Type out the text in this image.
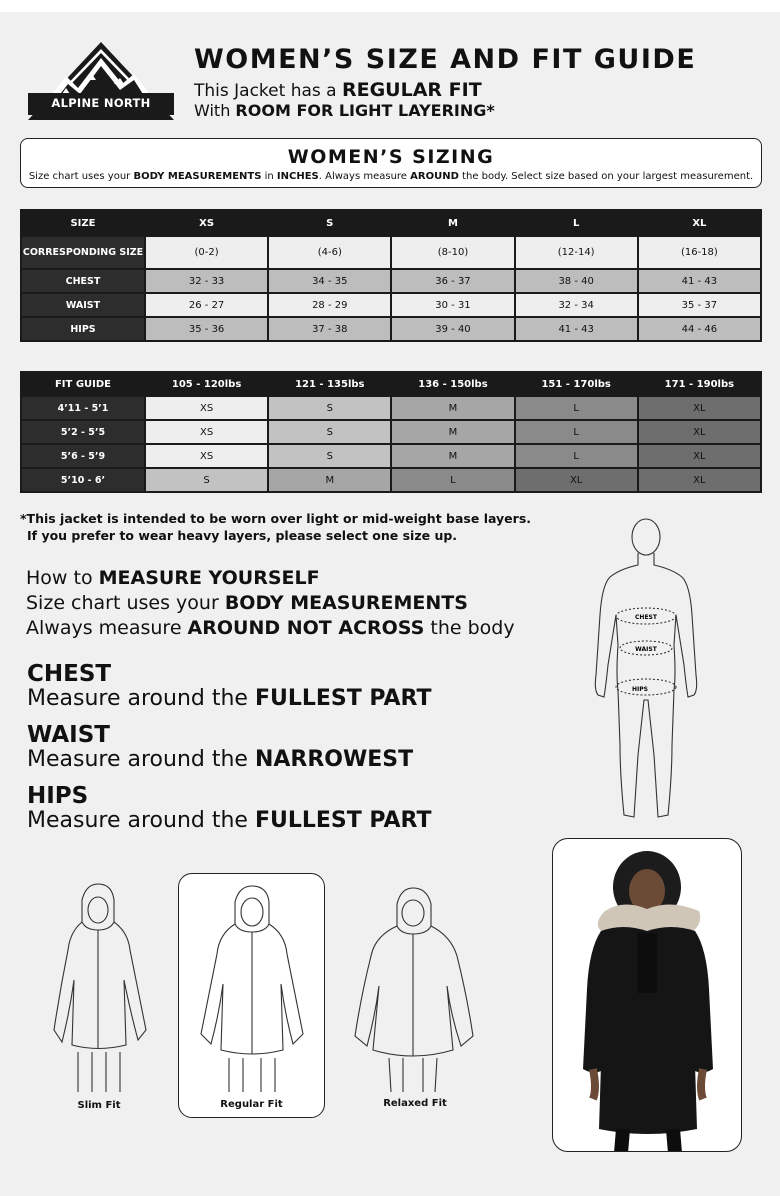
ALPINE NORTH
WOMEN’S SIZE AND FIT GUIDE
This Jacket has a REGULAR FIT
With ROOM FOR LIGHT LAYERING*
WOMEN’S SIZING
Size chart uses your BODY MEASUREMENTS in INCHES. Always measure AROUND the body. Select size based on your largest measurement.
SIZE	XS	S	M	L	XL
CORRESPONDING SIZE	(0-2)	(4-6)	(8-10)	(12-14)	(16-18)
CHEST	32 - 33	34 - 35	36 - 37	38 - 40	41 - 43
WAIST	26 - 27	28 - 29	30 - 31	32 - 34	35 - 37
HIPS	35 - 36	37 - 38	39 - 40	41 - 43	44 - 46
FIT GUIDE	105 - 120lbs	121 - 135lbs	136 - 150lbs	151 - 170lbs	171 - 190lbs
4’11 - 5’1	XS	S	M	L	XL
5’2 - 5’5	XS	S	M	L	XL
5’6 - 5’9	XS	S	M	L	XL
5’10 - 6’	S	M	L	XL	XL
*This jacket is intended to be worn over light or mid-weight base layers.
If you prefer to wear heavy layers, please select one size up.
How to MEASURE YOURSELF
Size chart uses your BODY MEASUREMENTS
Always measure AROUND NOT ACROSS the body
CHEST
Measure around the FULLEST PART
WAIST
Measure around the NARROWEST
HIPS
Measure around the FULLEST PART
CHEST
WAIST
HIPS
Slim Fit	Regular Fit	Relaxed Fit
